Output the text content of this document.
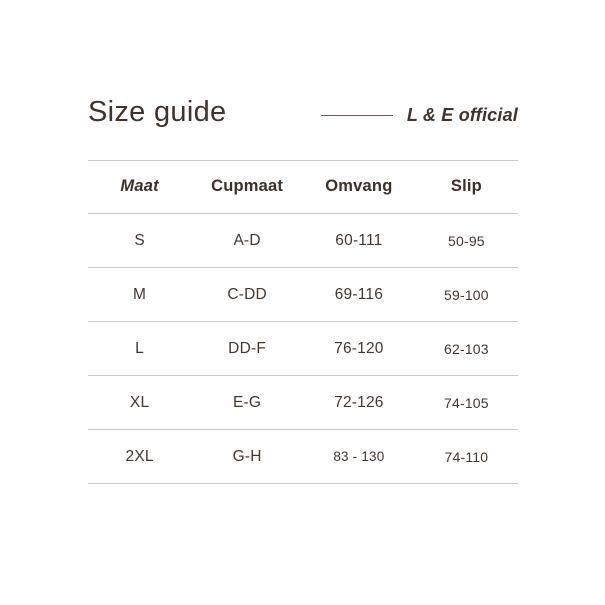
Size guide	L & E official
Maat	Cupmaat	Omvang	Slip
S	A-D	60-111	50-95
M	C-DD	69-116	59-100
L	DD-F	76-120	62-103
XL	E-G	72-126	74-105
2XL	G-H	83 - 130	74-110
